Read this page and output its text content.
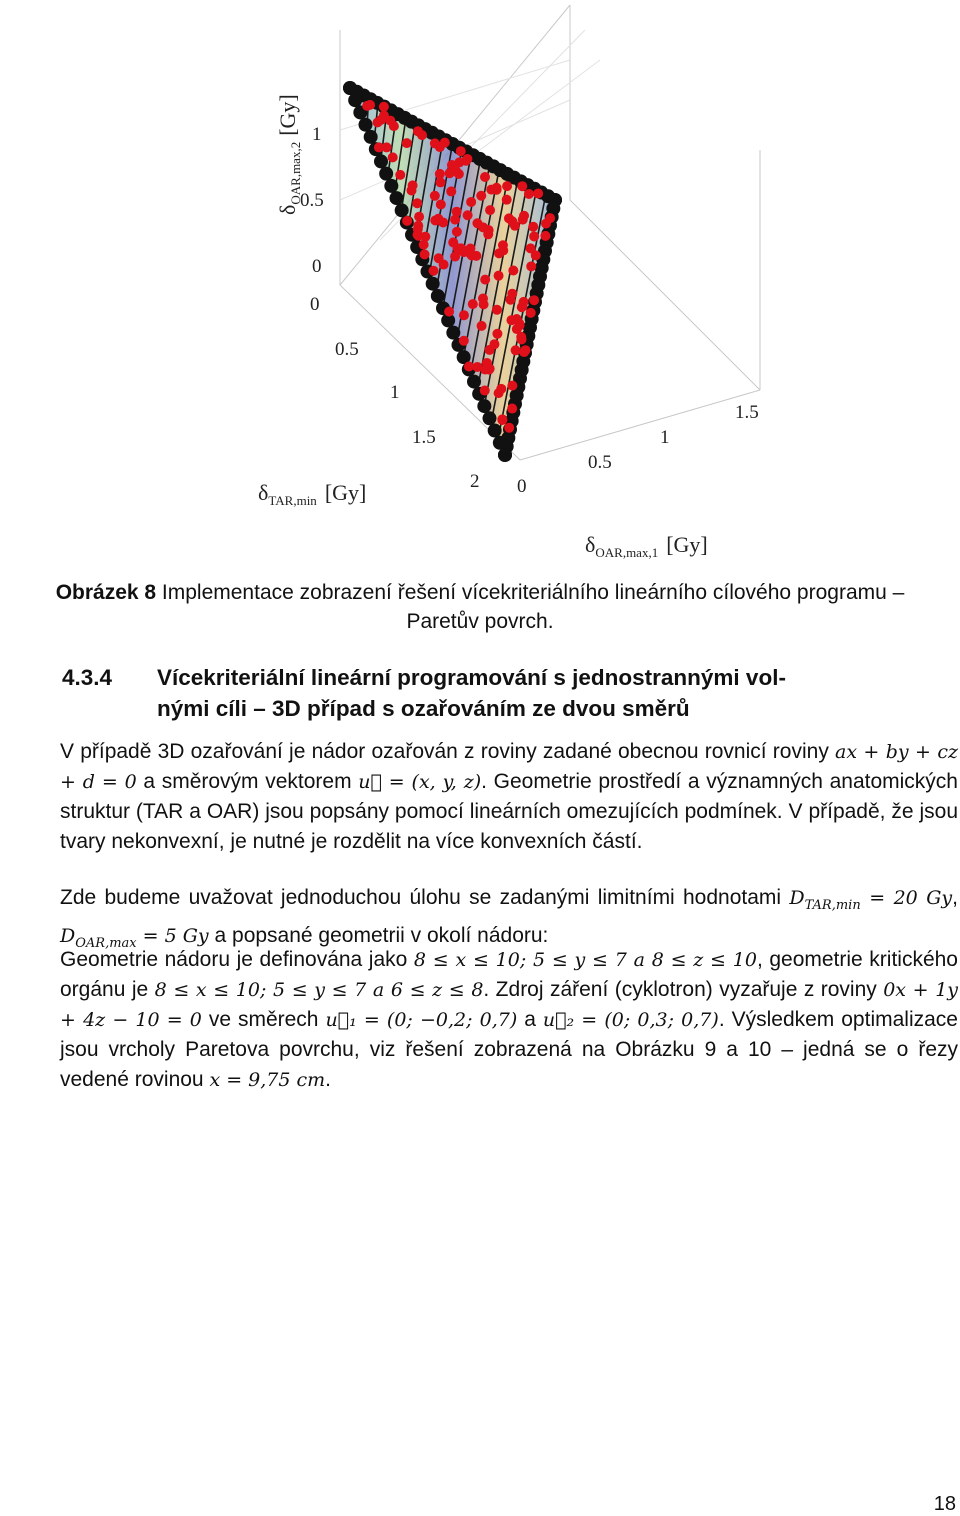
1
0.5
0
$\delta_{OAR,max,2}[Gy]$
0
0.5
1
1.5
2
$\delta_{TAR,min}$ [Gy]	0
0.5
1
1.5
$\delta_{OAR,max,1}$ [Gy]
Obrázek 8 Implementace zobrazení řešení vícekriteriálního lineárního cílového programu – Paretův povrch.
4.3.4 Vícekriteriální lineární programování s jednostrannými vol-
nými cíli – 3D případ s ozařováním ze dvou směrů
V případě 3D ozařování je nádor ozařován z roviny zadané obecnou rovnicí roviny ax + by + cz + d = 0 a směrovým vektorem u⃗ = (x, y, z). Geometrie prostředí a významných anatomických struktur (TAR a OAR) jsou popsány pomocí lineárních omezujících podmínek. V případě, že jsou tvary nekonvexní, je nutné je rozdělit na více konvexních částí.
Zde budeme uvažovat jednoduchou úlohu se zadanými limitními hodnotami $D_{TAR,min} = 20$ Gy, $D_{OAR,max} = 5$ Gy a popsané geometrii v okolí nádoru:
Geometrie nádoru je definována jako 8 ≤ x ≤ 10; 5 ≤ y ≤ 7 a 8 ≤ z ≤ 10, geometrie kritického orgánu je 8 ≤ x ≤ 10; 5 ≤ y ≤ 7 a 6 ≤ z ≤ 8. Zdroj záření (cyklotron) vyzařuje z roviny 0x + 1y + 4z − 10 = 0 ve směrech u⃗₁ = (0; −0,2; 0,7) a u⃗₂ = (0; 0,3; 0,7). Výsledkem optimalizace jsou vrcholy Paretova povrchu, viz řešení zobrazená na Obrázku 9 a 10 – jedná se o řezy vedené rovinou x = 9,75 cm.
18
